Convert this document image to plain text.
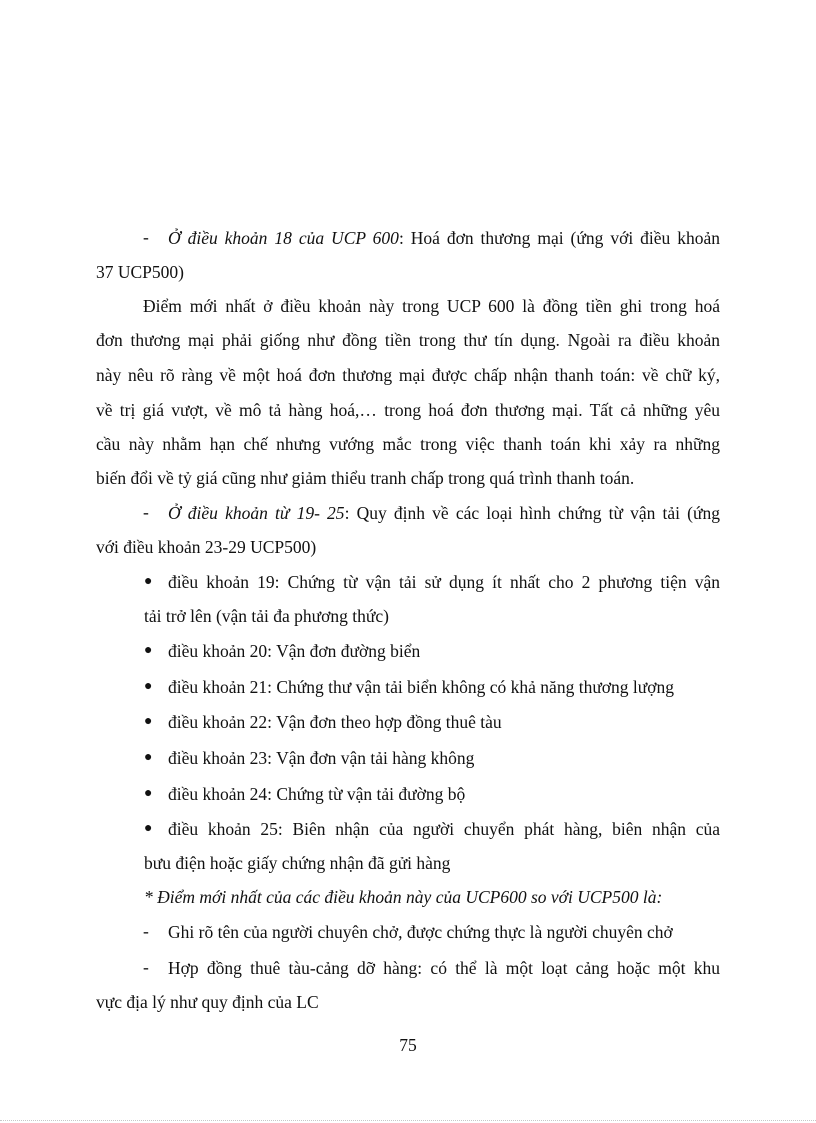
- Ở điều khoản 18 của UCP 600: Hoá đơn thương mại (ứng với điều khoản
37 UCP500)
Điểm mới nhất ở điều khoản này trong UCP 600 là đồng tiền ghi trong hoá
đơn thương mại phải giống như đồng tiền trong thư tín dụng. Ngoài ra điều khoản
này nêu rõ ràng về một hoá đơn thương mại được chấp nhận thanh toán: về chữ ký,
về trị giá vượt, về mô tả hàng hoá,… trong hoá đơn thương mại. Tất cả những yêu
cầu này nhằm hạn chế nhưng vướng mắc trong việc thanh toán khi xảy ra những
biến đổi về tỷ giá cũng như giảm thiểu tranh chấp trong quá trình thanh toán.
- Ở điều khoản từ 19- 25: Quy định về các loại hình chứng từ vận tải (ứng
với điều khoản 23-29 UCP500)
● điều khoản 19: Chứng từ vận tải sử dụng ít nhất cho 2 phương tiện vận
tải trở lên (vận tải đa phương thức)
● điều khoản 20: Vận đơn đường biển
● điều khoản 21: Chứng thư vận tải biển không có khả năng thương lượng
● điều khoản 22: Vận đơn theo hợp đồng thuê tàu
● điều khoản 23: Vận đơn vận tải hàng không
● điều khoản 24: Chứng từ vận tải đường bộ
● điều khoản 25: Biên nhận của người chuyển phát hàng, biên nhận của
bưu điện hoặc giấy chứng nhận đã gửi hàng
* Điểm mới nhất của các điều khoản này của UCP600 so với UCP500 là:
- Ghi rõ tên của người chuyên chở, được chứng thực là người chuyên chở
- Hợp đồng thuê tàu-cảng dỡ hàng: có thể là một loạt cảng hoặc một khu
vực địa lý như quy định của LC
75
